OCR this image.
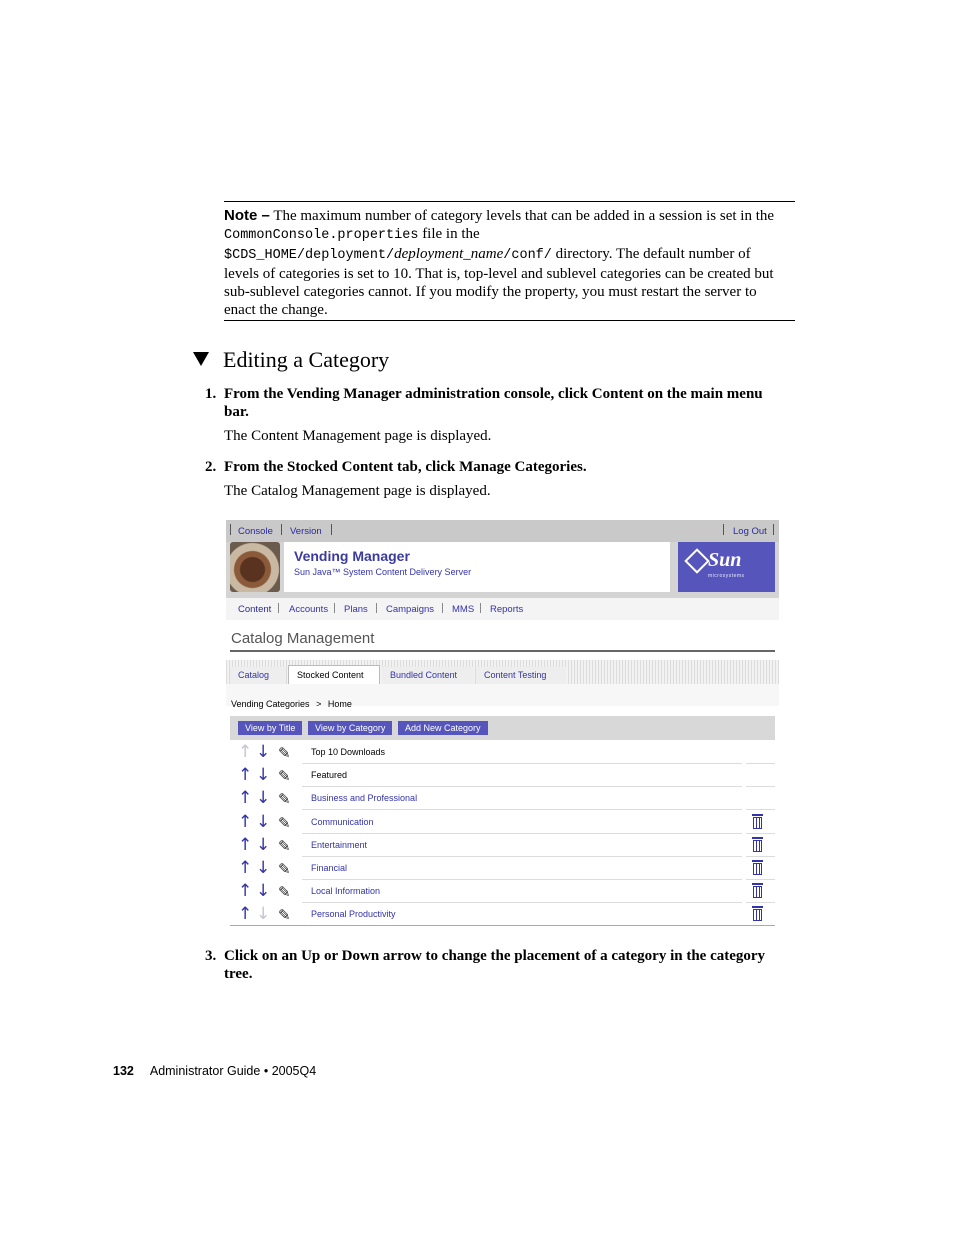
Note – The maximum number of category levels that can be added in a session is set in the CommonConsole.properties file in the $CDS_HOME/deployment/deployment_name/conf/ directory. The default number of levels of categories is set to 10. That is, top-level and sublevel categories can be created but sub-sublevel categories cannot. If you modify the property, you must restart the server to enact the change.
Editing a Category
1. From the Vending Manager administration console, click Content on the main menu bar.
The Content Management page is displayed.
2. From the Stocked Content tab, click Manage Categories.
The Catalog Management page is displayed.
Vending Manager
Sun Java™ System Content Delivery Server
Sun
microsystems
Console Version	Log Out
Content Accounts Plans Campaigns MMS Reports
Catalog Management
Catalog	Stocked Content	Bundled Content	Content Testing
Vending Categories > Home
View by Title	View by Category	Add New Category
↑ ↓ ✎ Top 10 Downloads
↑ ↓ ✎ Featured
↑ ↓ ✎ Business and Professional
↑ ↓ ✎ Communication
↑ ↓ ✎ Entertainment
↑ ↓ ✎ Financial
↑ ↓ ✎ Local Information
↑ ↓ ✎ Personal Productivity
3. Click on an Up or Down arrow to change the placement of a category in the category tree.
132 Administrator Guide • 2005Q4
